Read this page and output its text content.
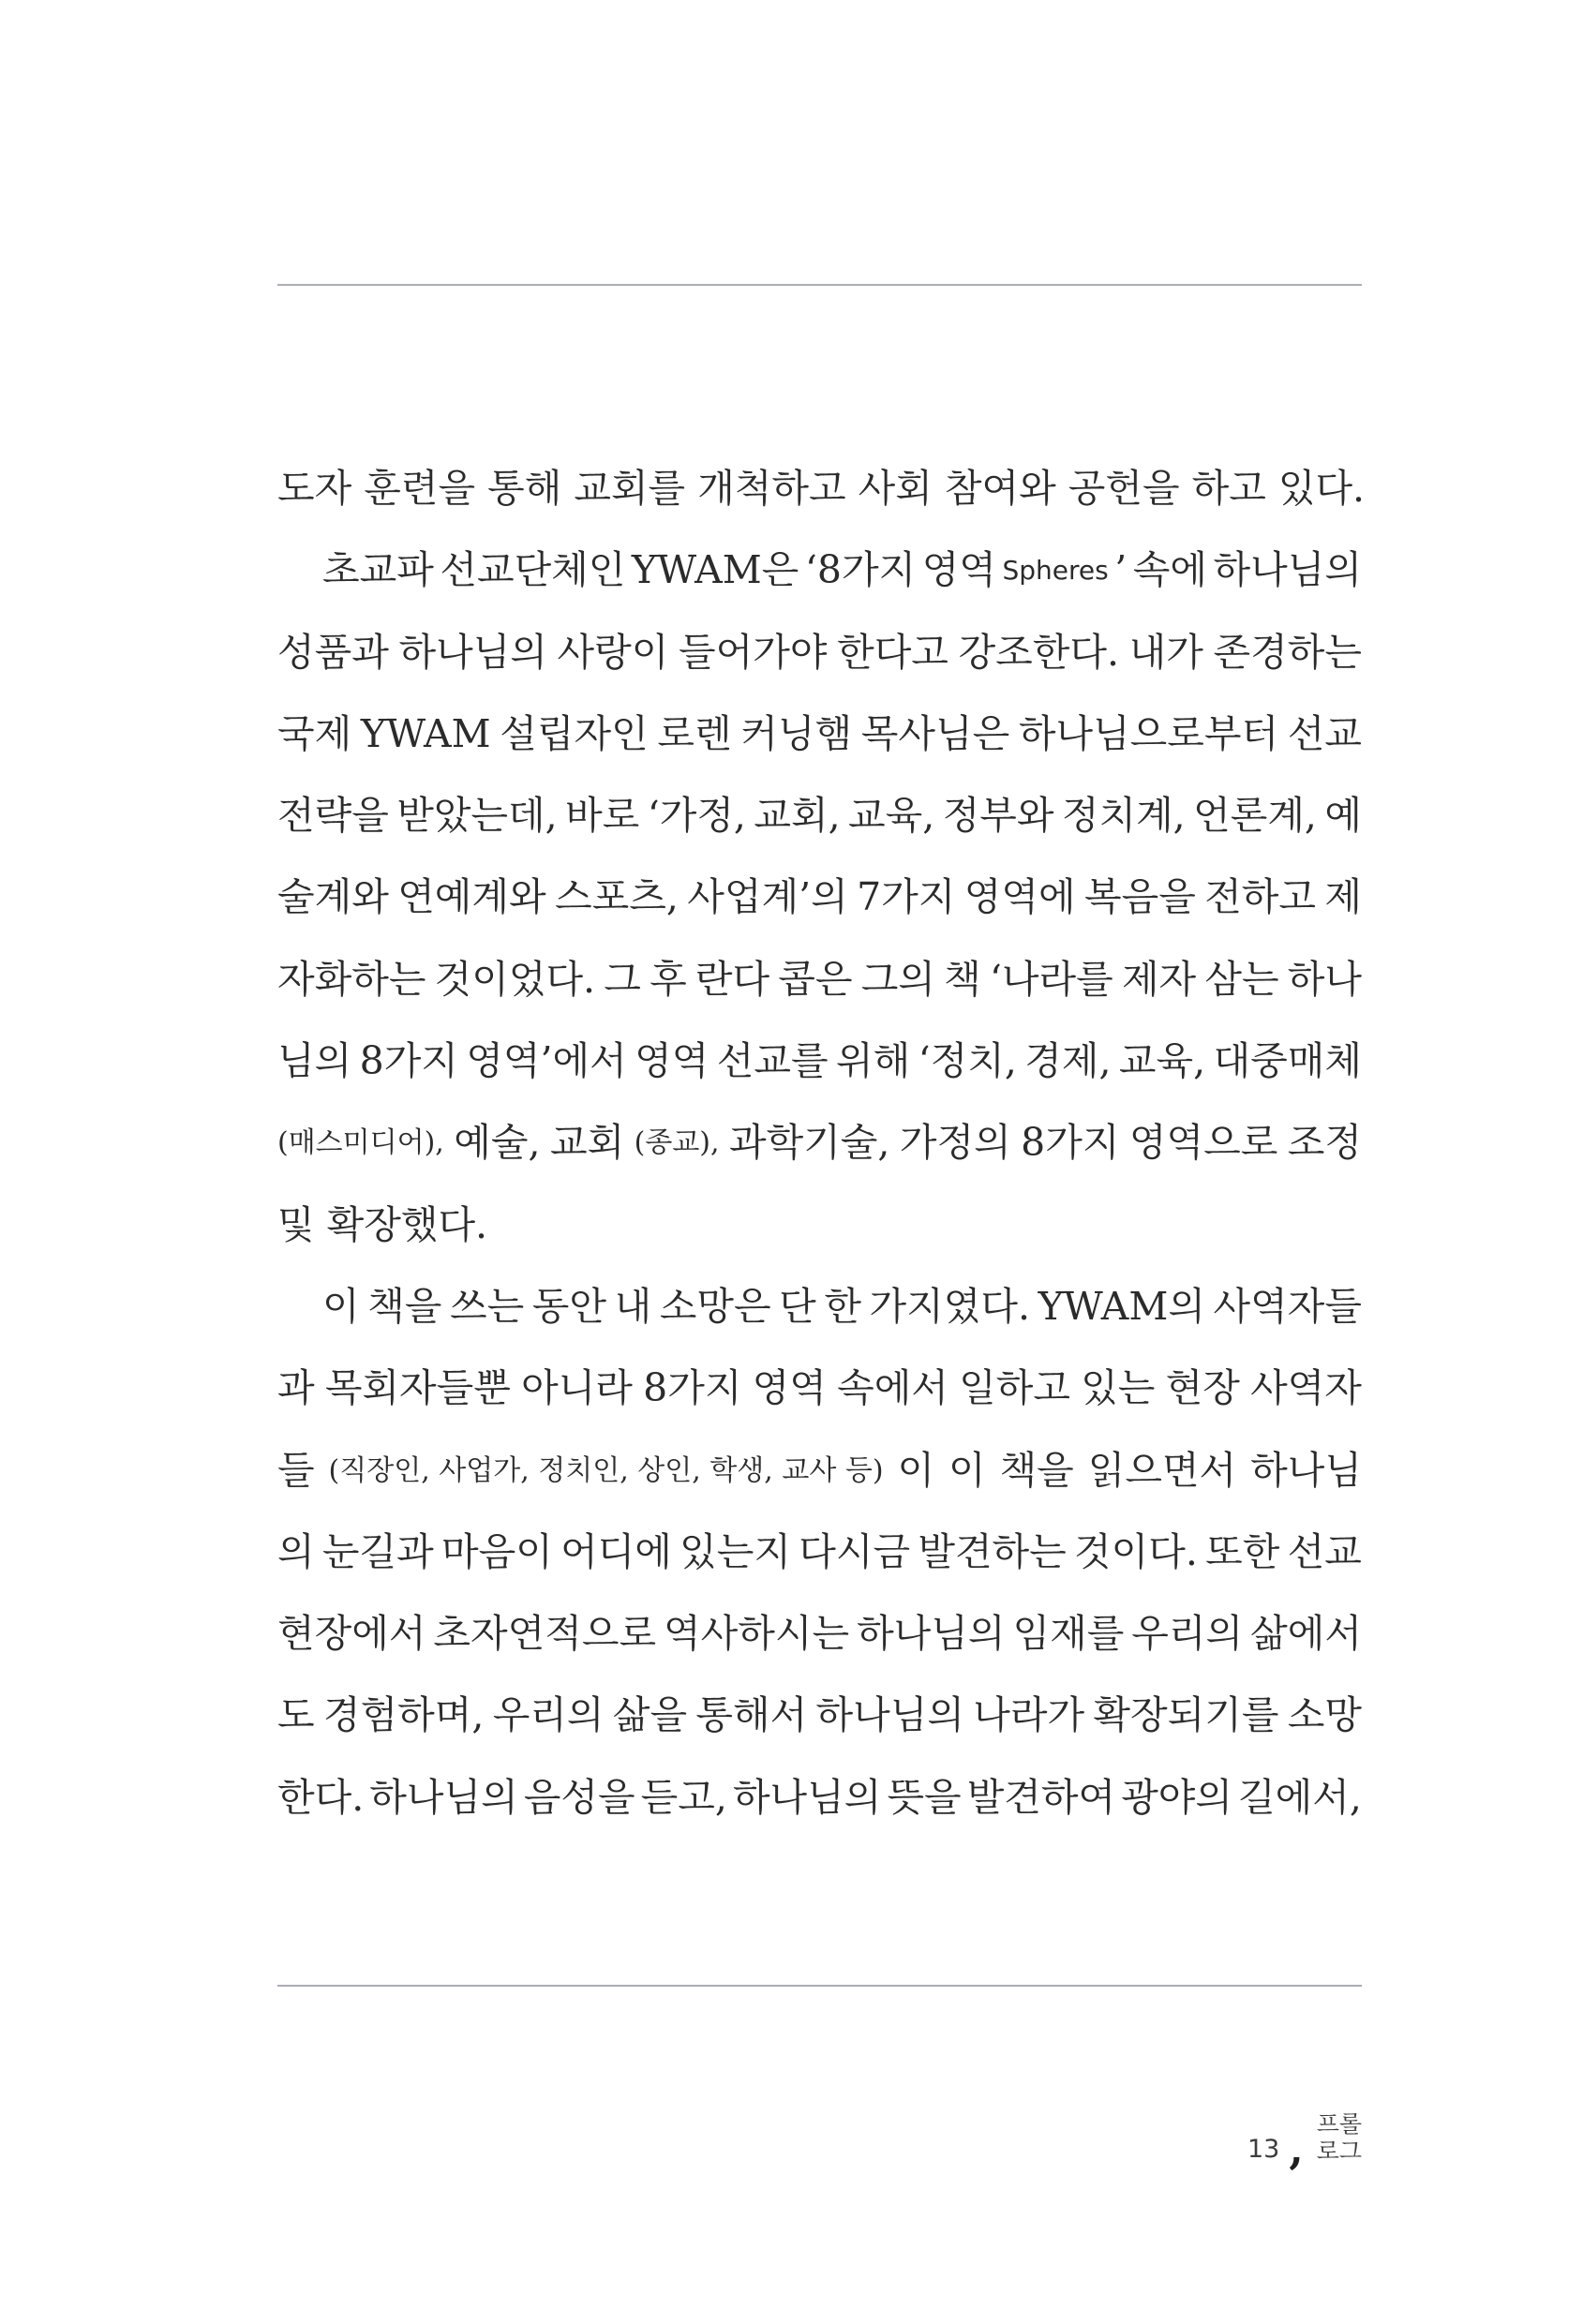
도자 훈련을 통해 교회를 개척하고 사회 참여와 공헌을 하고 있다.
초교파 선교단체인 YWAM은 ‘8가지 영역 Spheres ’ 속에 하나님의
성품과 하나님의 사랑이 들어가야 한다고 강조한다. 내가 존경하는
국제 YWAM 설립자인 로렌 커닝햄 목사님은 하나님으로부터 선교
전략을 받았는데, 바로 ‘가정, 교회, 교육, 정부와 정치계, 언론계, 예
술계와 연예계와 스포츠, 사업계’의 7가지 영역에 복음을 전하고 제
자화하는 것이었다. 그 후 란다 콥은 그의 책 ‘나라를 제자 삼는 하나
님의 8가지 영역’에서 영역 선교를 위해 ‘정치, 경제, 교육, 대중매체
(매스미디어), 예술, 교회 (종교), 과학기술, 가정의 8가지 영역으로 조정
및 확장했다.
이 책을 쓰는 동안 내 소망은 단 한 가지였다. YWAM의 사역자들
과 목회자들뿐 아니라 8가지 영역 속에서 일하고 있는 현장 사역자
들 (직장인, 사업가, 정치인, 상인, 학생, 교사 등) 이 이 책을 읽으면서 하나님
의 눈길과 마음이 어디에 있는지 다시금 발견하는 것이다. 또한 선교
현장에서 초자연적으로 역사하시는 하나님의 임재를 우리의 삶에서
도 경험하며, 우리의 삶을 통해서 하나님의 나라가 확장되기를 소망
한다. 하나님의 음성을 듣고, 하나님의 뜻을 발견하여 광야의 길에서,
13 ,
프롤
로그
